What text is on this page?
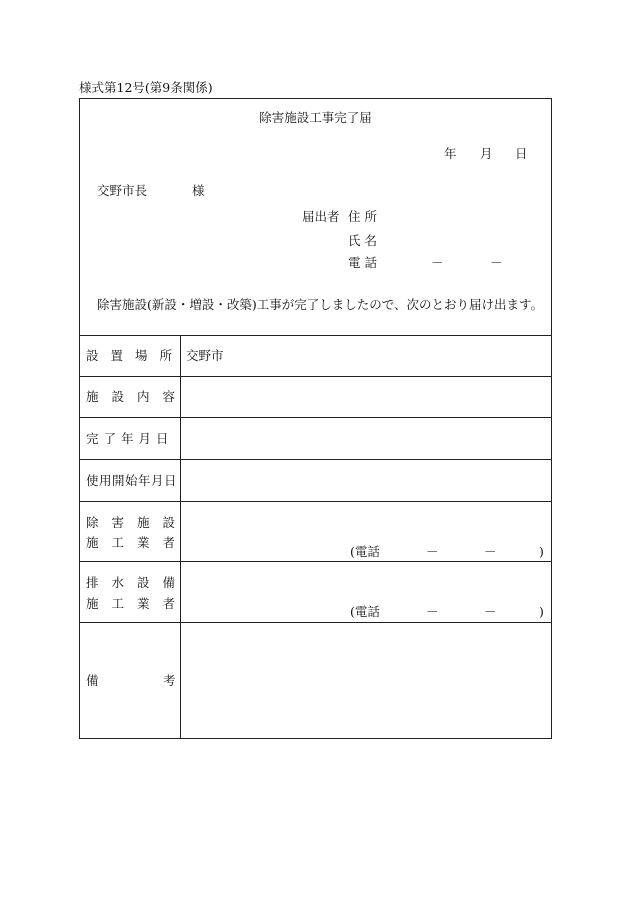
様式第12号(第9条関係)
除害施設工事完了届
年 月 日
交野市長	様
届出者 住 所
氏 名
電 話	－	－
除害施設(新設・増設・改築)工事が完了しましたので、次のとおり届け出ます。
設置場所 交野市
施設内容
完了年月日
使用開始年月日
除害施設
施工業者
(電話	－	－	)
排水設備
施工業者
(電話	－	－	)
備	考
